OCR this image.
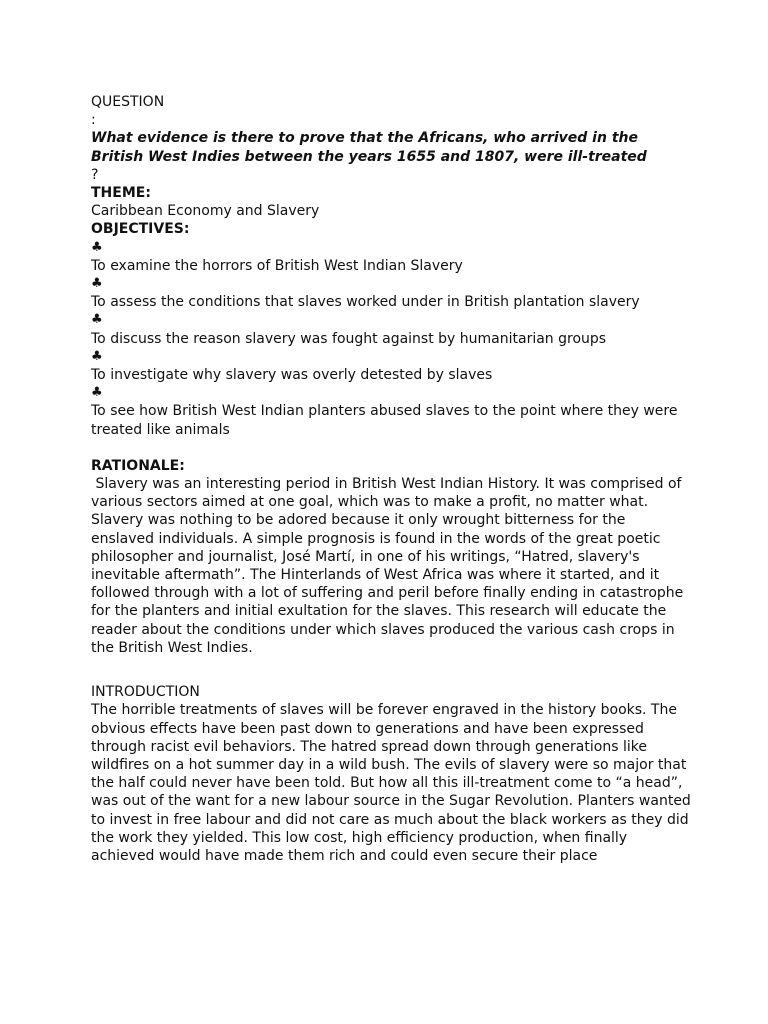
QUESTION
:
What evidence is there to prove that the Africans, who arrived in the British West Indies between the years 1655 and 1807, were ill-treated
?
THEME:
Caribbean Economy and Slavery
OBJECTIVES:
♣
To examine the horrors of British West Indian Slavery
♣
To assess the conditions that slaves worked under in British plantation slavery
♣
To discuss the reason slavery was fought against by humanitarian groups
♣
To investigate why slavery was overly detested by slaves
♣
To see how British West Indian planters abused slaves to the point where they were treated like animals
RATIONALE:
Slavery was an interesting period in British West Indian History. It was comprised of various sectors aimed at one goal, which was to make a profit, no matter what. Slavery was nothing to be adored because it only wrought bitterness for the enslaved individuals. A simple prognosis is found in the words of the great poetic philosopher and journalist, José Martí, in one of his writings, “Hatred, slavery's inevitable aftermath”. The Hinterlands of West Africa was where it started, and it followed through with a lot of suffering and peril before finally ending in catastrophe for the planters and initial exultation for the slaves. This research will educate the reader about the conditions under which slaves produced the various cash crops in the British West Indies.
INTRODUCTION
The horrible treatments of slaves will be forever engraved in the history books. The obvious effects have been past down to generations and have been expressed through racist evil behaviors. The hatred spread down through generations like wildfires on a hot summer day in a wild bush. The evils of slavery were so major that the half could never have been told. But how all this ill-treatment come to “a head”, was out of the want for a new labour source in the Sugar Revolution. Planters wanted to invest in free labour and did not care as much about the black workers as they did the work they yielded. This low cost, high efficiency production, when finally achieved would have made them rich and could even secure their place
